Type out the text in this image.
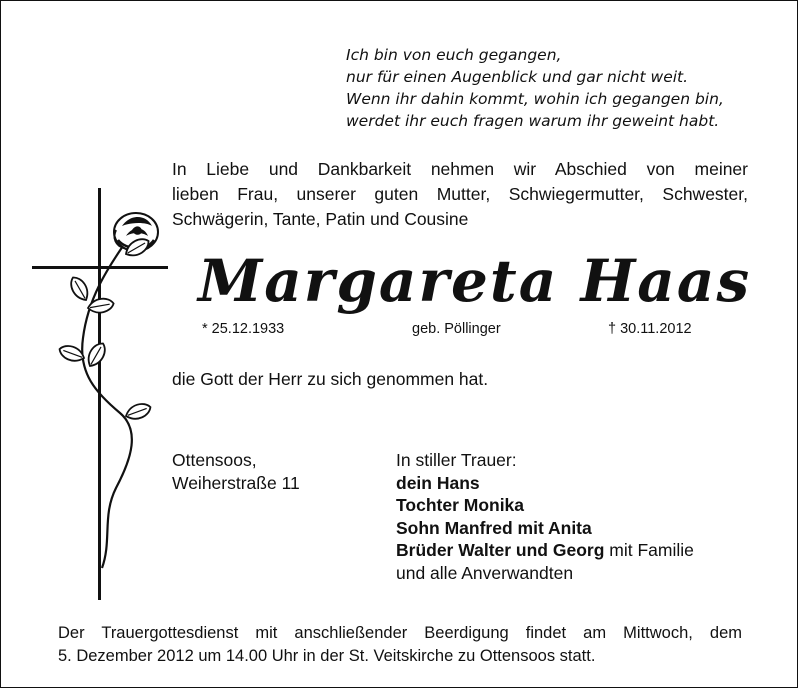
Ich bin von euch gegangen,
nur für einen Augenblick und gar nicht weit.
Wenn ihr dahin kommt, wohin ich gegangen bin,
werdet ihr euch fragen warum ihr geweint habt.
In Liebe und Dankbarkeit nehmen wir Abschied von meiner
lieben Frau, unserer guten Mutter, Schwiegermutter, Schwester,
Schwägerin, Tante, Patin und Cousine
Margareta Haas
* 25.12.1933	geb. Pöllinger	† 30.11.2012
die Gott der Herr zu sich genommen hat.
Ottensoos,
Weiherstraße 11
In stiller Trauer:
dein Hans
Tochter Monika
Sohn Manfred mit Anita
Brüder Walter und Georg mit Familie
und alle Anverwandten
Der Trauergottesdienst mit anschließender Beerdigung findet am Mittwoch, dem
5. Dezember 2012 um 14.00 Uhr in der St. Veitskirche zu Ottensoos statt.
